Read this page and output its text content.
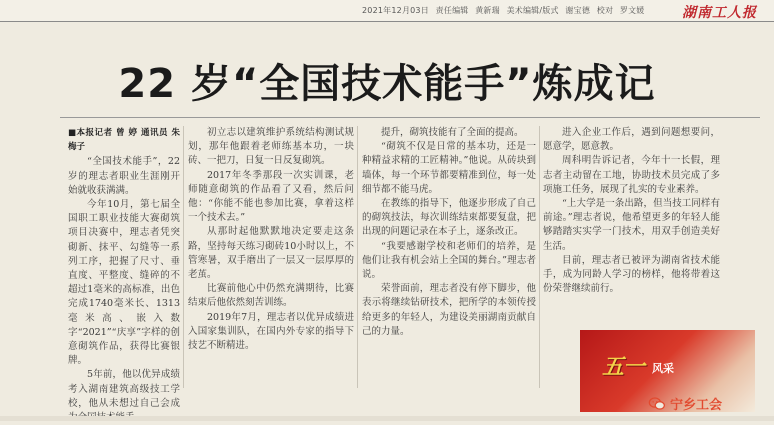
2021年12月03日 责任编辑 黄新瑞 美术编辑/版式 谢宝德 校对 罗文媛	湖南工人报
22 岁“全国技术能手”炼成记

■本报记者 曾 婷 通讯员 朱梅子

“全国技术能手”，22岁的理志者职业生涯刚开始就收获满满。

今年10月，第七届全国职工职业技能大赛砌筑项目决赛中，理志者凭突砌新、抹平、勾缝等一系列工序，把握了尺寸、垂直度、平整度、缝碎的不超过1毫米的高标准，出色完成1740毫米长、1313毫米高、嵌入数字“2021”“庆享”字样的创意砌筑作品，获得比赛银牌。

5年前，他以优异成绩考入湖南建筑高级技工学校，他从未想过自己会成

初立志以建筑维护系统结构测试规划，那年他跟着老师练基本功，一块砖、一把刀，日复一日反复砌筑。

2017年冬季那段一次实训课，老师随意砌筑的作品看了又看，然后问他：“你能不能也参加比赛，拿着这样一个技术去。”

从那时起他默默地决定要走这条路，坚持每天练习砌砖10小时以上，不管寒暑，双手磨出了一层又一层厚厚的老茧。

比赛前他心中仍然充满期待，比赛结束后他依然刻苦训练。

2019年7月，理志者以优异成绩进入国家集训队，在国内外专家的指导下技艺不断精进。

提升，砌筑技能有了全面的提高。

“砌筑不仅是日常的基本功，还是一种精益求精的工匠精神。”他说。从砖块到墙体，每一个环节都要精准到位，每一处细节都不能马虎。

在教练的指导下，他逐步形成了自己的砌筑技法，每次训练结束都要复盘，把出现的问题记录在本子上，逐条改正。

“我要感谢学校和老师们的培养，是他们让我有机会站上全国的舞台。”理志者说。

荣誉面前，理志者没有停下脚步，他表示将继续钻研技术，把所学的本领传授给更多的年轻人，为建设美丽湖南贡献自己的力量。

进入企业工作后，遇到问题想要问，愿意学，愿意教。

周科明告诉记者，今年十一长假，理志者主动留在工地，协助技术员完成了多项施工任务，展现了扎实的专业素养。

“上大学是一条出路，但当技工同样有前途。”理志者说，他希望更多的年轻人能够踏踏实实学一门技术，用双手创造美好生活。

目前，理志者已被评为湖南省技术能手，成为同龄人学习的榜样，他将带着这份荣誉继续前行。

五一 风采
宁乡工会
